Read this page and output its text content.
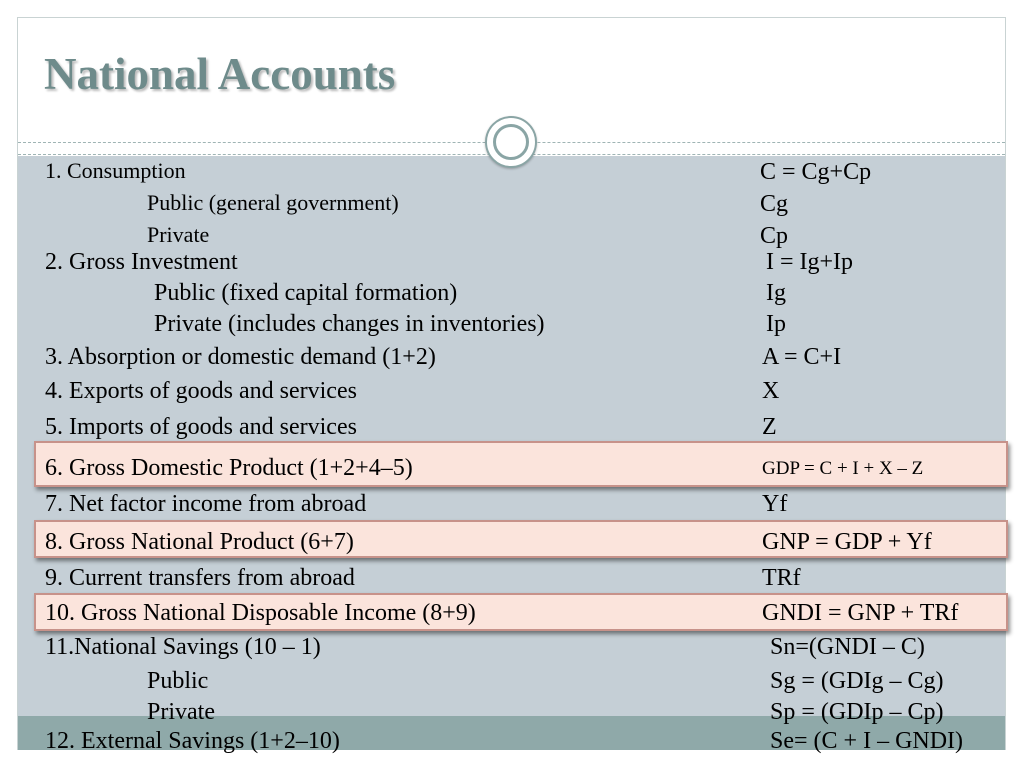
National Accounts
1. Consumption	C = Cg+Cp
Public (general government)	Cg
Private	Cp
2. Gross Investment	I = Ig+Ip
Public (fixed capital formation)	Ig
Private (includes changes in inventories)	Ip
3. Absorption or domestic demand (1+2)	A = C+I
4. Exports of goods and services	X
5. Imports of goods and services	Z
6. Gross Domestic Product (1+2+4–5)	GDP = C + I + X – Z
7. Net factor income from abroad	Yf
8. Gross National Product (6+7)	GNP = GDP + Yf
9. Current transfers from abroad	TRf
10. Gross National Disposable Income (8+9)	GNDI = GNP + TRf
11.National Savings (10 – 1)	Sn=(GNDI – C)
Public	Sg = (GDIg – Cg)
Private	Sp = (GDIp – Cp)
12. External Savings (1+2–10)	Se= (C + I – GNDI)
